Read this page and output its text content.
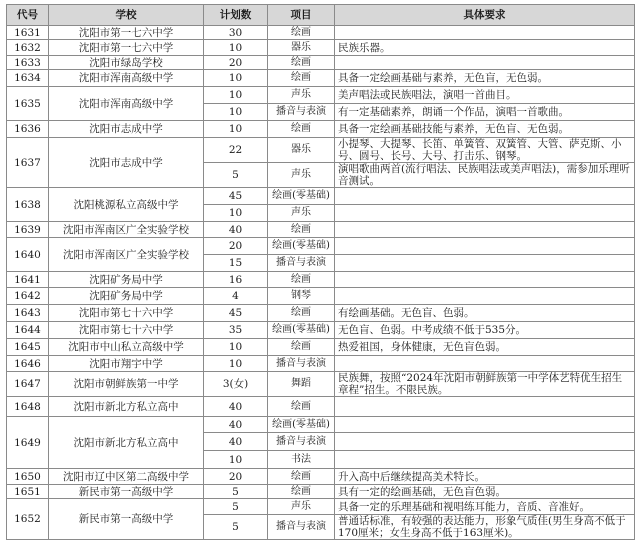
代号	学校	计划数	项目	具体要求
1631	沈阳市第一七六中学	30	绘画	
1632	沈阳市第一七六中学	10	器乐	民族乐器。
1633	沈阳市绿岛学校	20	绘画	
1634	沈阳市浑南高级中学	10	绘画	具备一定绘画基础与素养，无色盲，无色弱。
1635	沈阳市浑南高级中学	10	声乐	美声唱法或民族唱法，演唱一首曲目。
		10	播音与表演	有一定基础素养，朗诵一个作品，演唱一首歌曲。
1636	沈阳市志成中学	10	绘画	具备一定绘画基础技能与素养，无色盲、无色弱。
1637	沈阳市志成中学	22	器乐	小提琴、大提琴、长笛、单簧管、双簧管、大管、萨克斯、小号、圆号、长号、大号、打击乐、钢琴。
		5	声乐	演唱歌曲两首(流行唱法、民族唱法或美声唱法)，需参加乐理听音测试。
1638	沈阳桃源私立高级中学	45	绘画(零基础)	
		10	声乐	
1639	沈阳市浑南区广全实验学校	40	绘画	
1640	沈阳市浑南区广全实验学校	20	绘画(零基础)	
		15	播音与表演	
1641	沈阳矿务局中学	16	绘画	
1642	沈阳矿务局中学	4	钢琴	
1643	沈阳市第七十六中学	45	绘画	有绘画基础。无色盲、色弱。
1644	沈阳市第七十六中学	35	绘画(零基础)	无色盲、色弱。中考成绩不低于535分。
1645	沈阳市中山私立高级中学	10	绘画	热爱祖国，身体健康，无色盲色弱。
1646	沈阳市翔宇中学	10	播音与表演	
1647	沈阳市朝鲜族第一中学	3(女)	舞蹈	民族舞，按照“2024年沈阳市朝鲜族第一中学体艺特优生招生章程”招生。不限民族。
1648	沈阳市新北方私立高中	40	绘画	
1649	沈阳市新北方私立高中	40	绘画(零基础)	
		40	播音与表演	
		10	书法	
1650	沈阳市辽中区第二高级中学	20	绘画	升入高中后继续提高美术特长。
1651	新民市第一高级中学	5	绘画	具有一定的绘画基础，无色盲色弱。
1652	新民市第一高级中学	5	声乐	具备一定的乐理基础和视唱练耳能力，音质、音准好。
		5	播音与表演	普通话标准，有较强的表达能力，形象气质佳(男生身高不低于170厘米；女生身高不低于163厘米)。
